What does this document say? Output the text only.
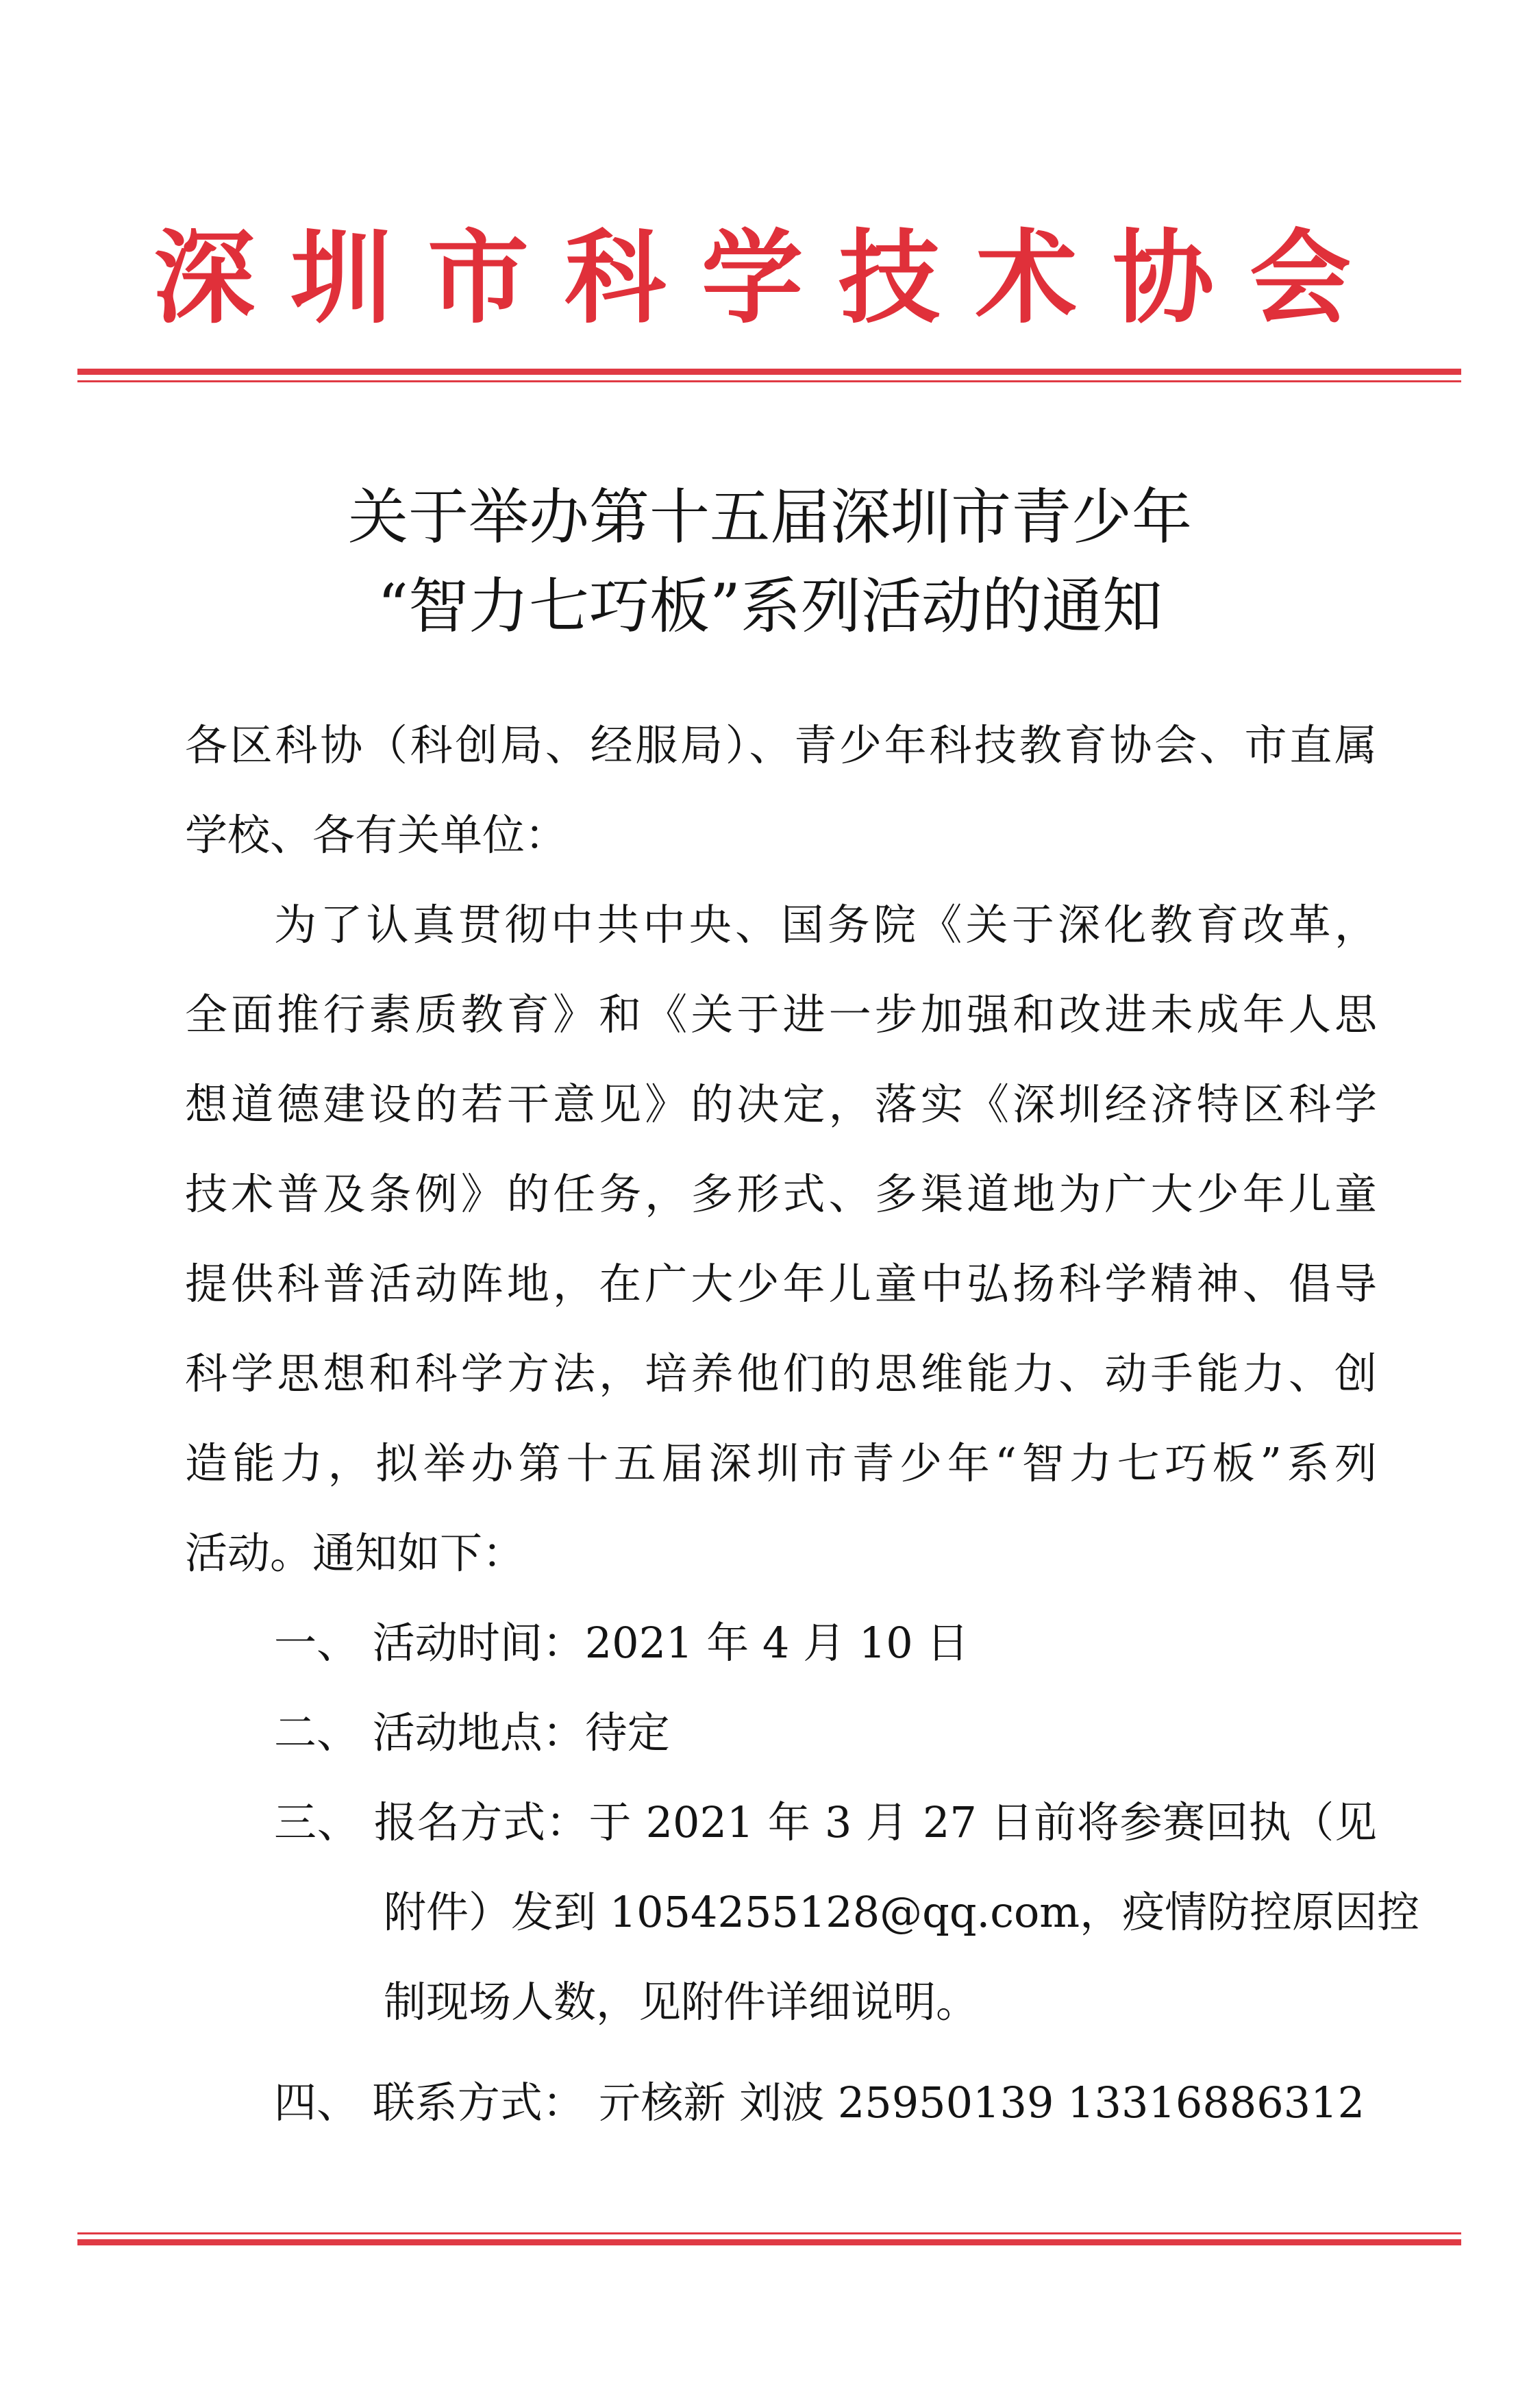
深圳市科学技术协会
关于举办第十五届深圳市青少年
“智力七巧板”系列活动的通知
各区科协（科创局、经服局）、青少年科技教育协会、市直属
学校、各有关单位：
为了认真贯彻中共中央、国务院《关于深化教育改革，
全面推行素质教育》和《关于进一步加强和改进未成年人思
想道德建设的若干意见》的决定，落实《深圳经济特区科学
技术普及条例》的任务，多形式、多渠道地为广大少年儿童
提供科普活动阵地，在广大少年儿童中弘扬科学精神、倡导
科学思想和科学方法，培养他们的思维能力、动手能力、创
造能力，拟举办第十五届深圳市青少年“智力七巧板”系列
活动。通知如下：
一、 活动时间：2021 年 4 月 10 日
二、 活动地点：待定
三、 报名方式：于 2021 年 3 月 27 日前将参赛回执（见
附件）发到 1054255128@qq.com，疫情防控原因控
制现场人数，见附件详细说明。
四、 联系方式： 亓核新 刘波 25950139 13316886312
